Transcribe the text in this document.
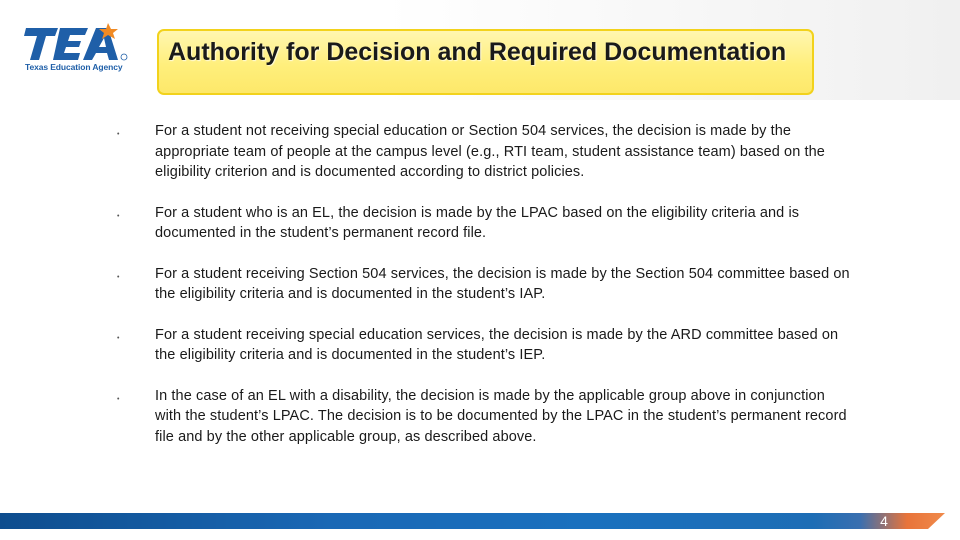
Texas Education Agency
Authority for Decision and Required Documentation
• For a student not receiving special education or Section 504 services, the decision is made by the appropriate team of people at the campus level (e.g., RTI team, student assistance team) based on the eligibility criterion and is documented according to district policies.
• For a student who is an EL, the decision is made by the LPAC based on the eligibility criteria and is documented in the student’s permanent record file.
• For a student receiving Section 504 services, the decision is made by the Section 504 committee based on the eligibility criteria and is documented in the student’s IAP.
• For a student receiving special education services, the decision is made by the ARD committee based on the eligibility criteria and is documented in the student’s IEP.
• In the case of an EL with a disability, the decision is made by the applicable group above in conjunction with the student’s LPAC. The decision is to be documented by the LPAC in the student’s permanent record file and by the other applicable group, as described above.
4
